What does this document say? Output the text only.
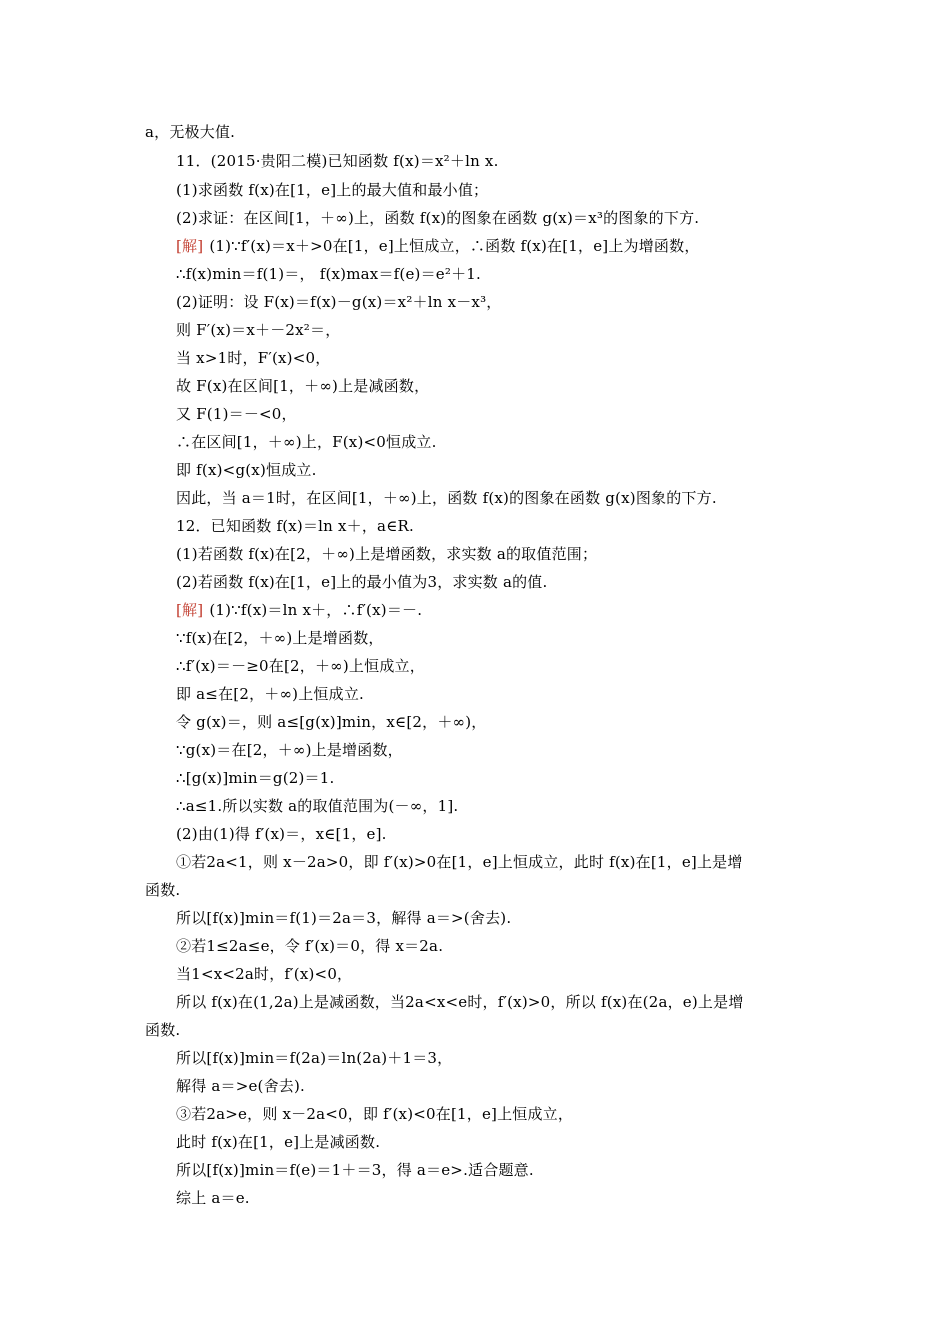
a，无极大值.
11．(2015·贵阳二模)已知函数 f(x)＝x²＋ln x.
(1)求函数 f(x)在[1，e]上的最大值和最小值；
(2)求证：在区间[1，＋∞)上，函数 f(x)的图象在函数 g(x)＝x³的图象的下方.
[解] (1)∵f′(x)＝x＋>0在[1，e]上恒成立，∴函数 f(x)在[1，e]上为增函数，
∴f(x)min＝f(1)＝， f(x)max＝f(e)＝e²＋1.
(2)证明：设 F(x)＝f(x)－g(x)＝x²＋ln x－x³，
则 F′(x)＝x＋－2x²＝，
当 x>1时，F′(x)<0，
故 F(x)在区间[1，＋∞)上是减函数，
又 F(1)＝－<0，
∴在区间[1，＋∞)上，F(x)<0恒成立.
即 f(x)<g(x)恒成立.
因此，当 a＝1时，在区间[1，＋∞)上，函数 f(x)的图象在函数 g(x)图象的下方.
12．已知函数 f(x)＝ln x＋，a∈R.
(1)若函数 f(x)在[2，＋∞)上是增函数，求实数 a的取值范围；
(2)若函数 f(x)在[1，e]上的最小值为3，求实数 a的值.
[解] (1)∵f(x)＝ln x＋，∴f′(x)＝－.
∵f(x)在[2，＋∞)上是增函数，
∴f′(x)＝－≥0在[2，＋∞)上恒成立，
即 a≤在[2，＋∞)上恒成立.
令 g(x)＝，则 a≤[g(x)]min，x∈[2，＋∞)，
∵g(x)＝在[2，＋∞)上是增函数，
∴[g(x)]min＝g(2)＝1.
∴a≤1.所以实数 a的取值范围为(－∞，1].
(2)由(1)得 f′(x)＝，x∈[1，e].
①若2a<1，则 x－2a>0，即 f′(x)>0在[1，e]上恒成立，此时 f(x)在[1，e]上是增
函数.
所以[f(x)]min＝f(1)＝2a＝3，解得 a＝>(舍去).
②若1≤2a≤e，令 f′(x)＝0，得 x＝2a.
当1<x<2a时，f′(x)<0，
所以 f(x)在(1,2a)上是减函数，当2a<x<e时，f′(x)>0，所以 f(x)在(2a，e)上是增
函数.
所以[f(x)]min＝f(2a)＝ln(2a)＋1＝3，
解得 a＝>e(舍去).
③若2a>e，则 x－2a<0，即 f′(x)<0在[1，e]上恒成立，
此时 f(x)在[1，e]上是减函数.
所以[f(x)]min＝f(e)＝1＋＝3，得 a＝e>.适合题意.
综上 a＝e.
